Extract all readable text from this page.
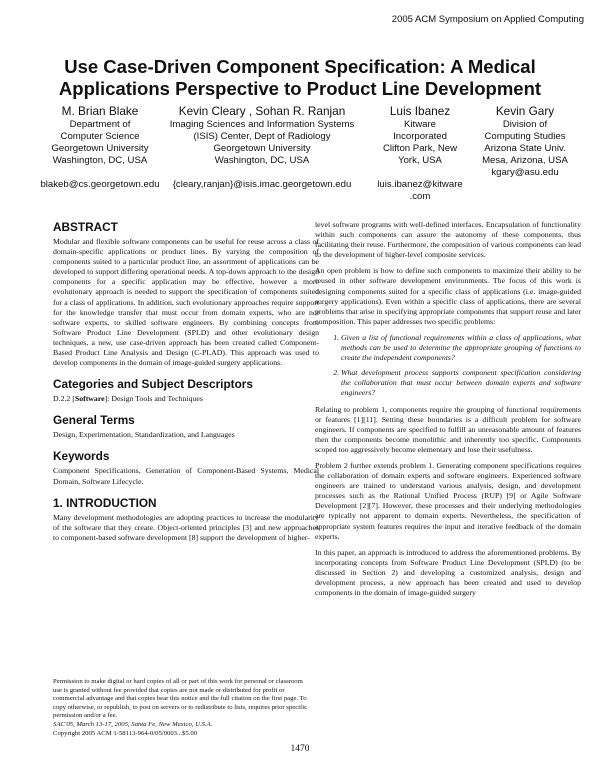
2005 ACM Symposium on Applied Computing
Use Case-Driven Component Specification: A Medical
Applications Perspective to Product Line Development
M. Brian Blake
Department of
Computer Science
Georgetown University
Washington, DC, USA
blakeb@cs.georgetown.edu
Kevin Cleary , Sohan R. Ranjan
Imaging Sciences and Information Systems
(ISIS) Center, Dept of Radiology
Georgetown University
Washington, DC, USA
{cleary,ranjan}@isis.imac.georgetown.edu
Luis Ibanez
Kitware
Incorporated
Clifton Park, New
York, USA
luis.ibanez@kitware .com
Kevin Gary
Division of
Computing Studies
Arizona State Univ.
Mesa, Arizona, USA
kgary@asu.edu
ABSTRACT

Modular and flexible software components can be useful for reuse across a class of domain-specific applications or product lines. By varying the composition of components suited to a particular product line, an assortment of applications can be developed to support differing operational needs. A top-down approach to the design components for a specific application may be effective, however a more evolutionary approach is needed to support the specification of components suited for a class of applications. In addition, such evolutionary approaches require support for the knowledge transfer that must occur from domain experts, who are not software experts, to skilled software engineers. By combining concepts from Software Product Line Development (SPLD) and other evolutionary design techniques, a new, use case-driven approach has been created called Component-Based Product Line Analysis and Design (C-PLAD). This approach was used to develop components in the domain of image-guided surgery applications.

Categories and Subject Descriptors

D.2.2 [Software]: Design Tools and Techniques

General Terms

Design, Experimentation, Standardization, and Languages

Keywords

Component Specifications, Generation of Component-Based Systems, Medical Domain, Software Lifecycle.

1. INTRODUCTION

Many development methodologies are adopting practices to increase the modularity of the software that they create. Object-oriented principles [3] and new approaches to component-based software development [8] support the development of higher-

Permission to make digital or hard copies of all or part of this work for personal or classroom use is granted without fee provided that copies are not made or distributed for profit or commercial advantage and that copies bear this notice and the full citation on the first page. To copy otherwise, or republish, to post on servers or to redistribute to lists, requires prior specific permission and/or a fee.

SAC'05, March 13-17, 2005, Santa Fe, New Mexico, U.S.A.

Copyright 2005 ACM 1-58113-964-0/05/0003...$5.00

level software programs with well-defined interfaces. Encapsulation of functionality within such components can assure the autonomy of these components, thus facilitating their reuse. Furthermore, the composition of various components can lead to the development of higher-level composite services.

An open problem is how to define such components to maximize their ability to be reused in other software development environments. The focus of this work is designing components suited for a specific class of applications (i.e. image-guided surgery applications). Even within a specific class of applications, there are several problems that arise in specifying appropriate components that support reuse and later composition. This paper addresses two specific problems:

1. Given a list of functional requirements within a class of applications, what methods can be used to determine the appropriate grouping of functions to create the independent components?
2. What development process supports component specification considering the collaboration that must occur between domain experts and software engineers?

Relating to problem 1, components require the grouping of functional requirements or features [1][11]. Setting these boundaries is a difficult problem for software engineers. If components are specified to fulfill an unreasonable amount of features then the components become monolithic and inherently too specific. Components scoped too aggressively become elementary and lose their usefulness.

Problem 2 further extends problem 1. Generating component specifications requires the collaboration of domain experts and software engineers. Experienced software engineers are trained to understand various analysis, design, and development processes such as the Rational Unified Process (RUP) [9] or Agile Software Development [2][7]. However, these processes and their underlying methodologies are typically not apparent to domain experts. Nevertheless, the specification of appropriate system features requires the input and iterative feedback of the domain experts.

In this paper, an approach is introduced to address the aforementioned problems. By incorporating concepts from Software Product Line Development (SPLD) (to be discussed in Section 2) and developing a customized analysis, design and development process, a new approach has been created and used to develop components in the domain of image-guided surgery

1470
